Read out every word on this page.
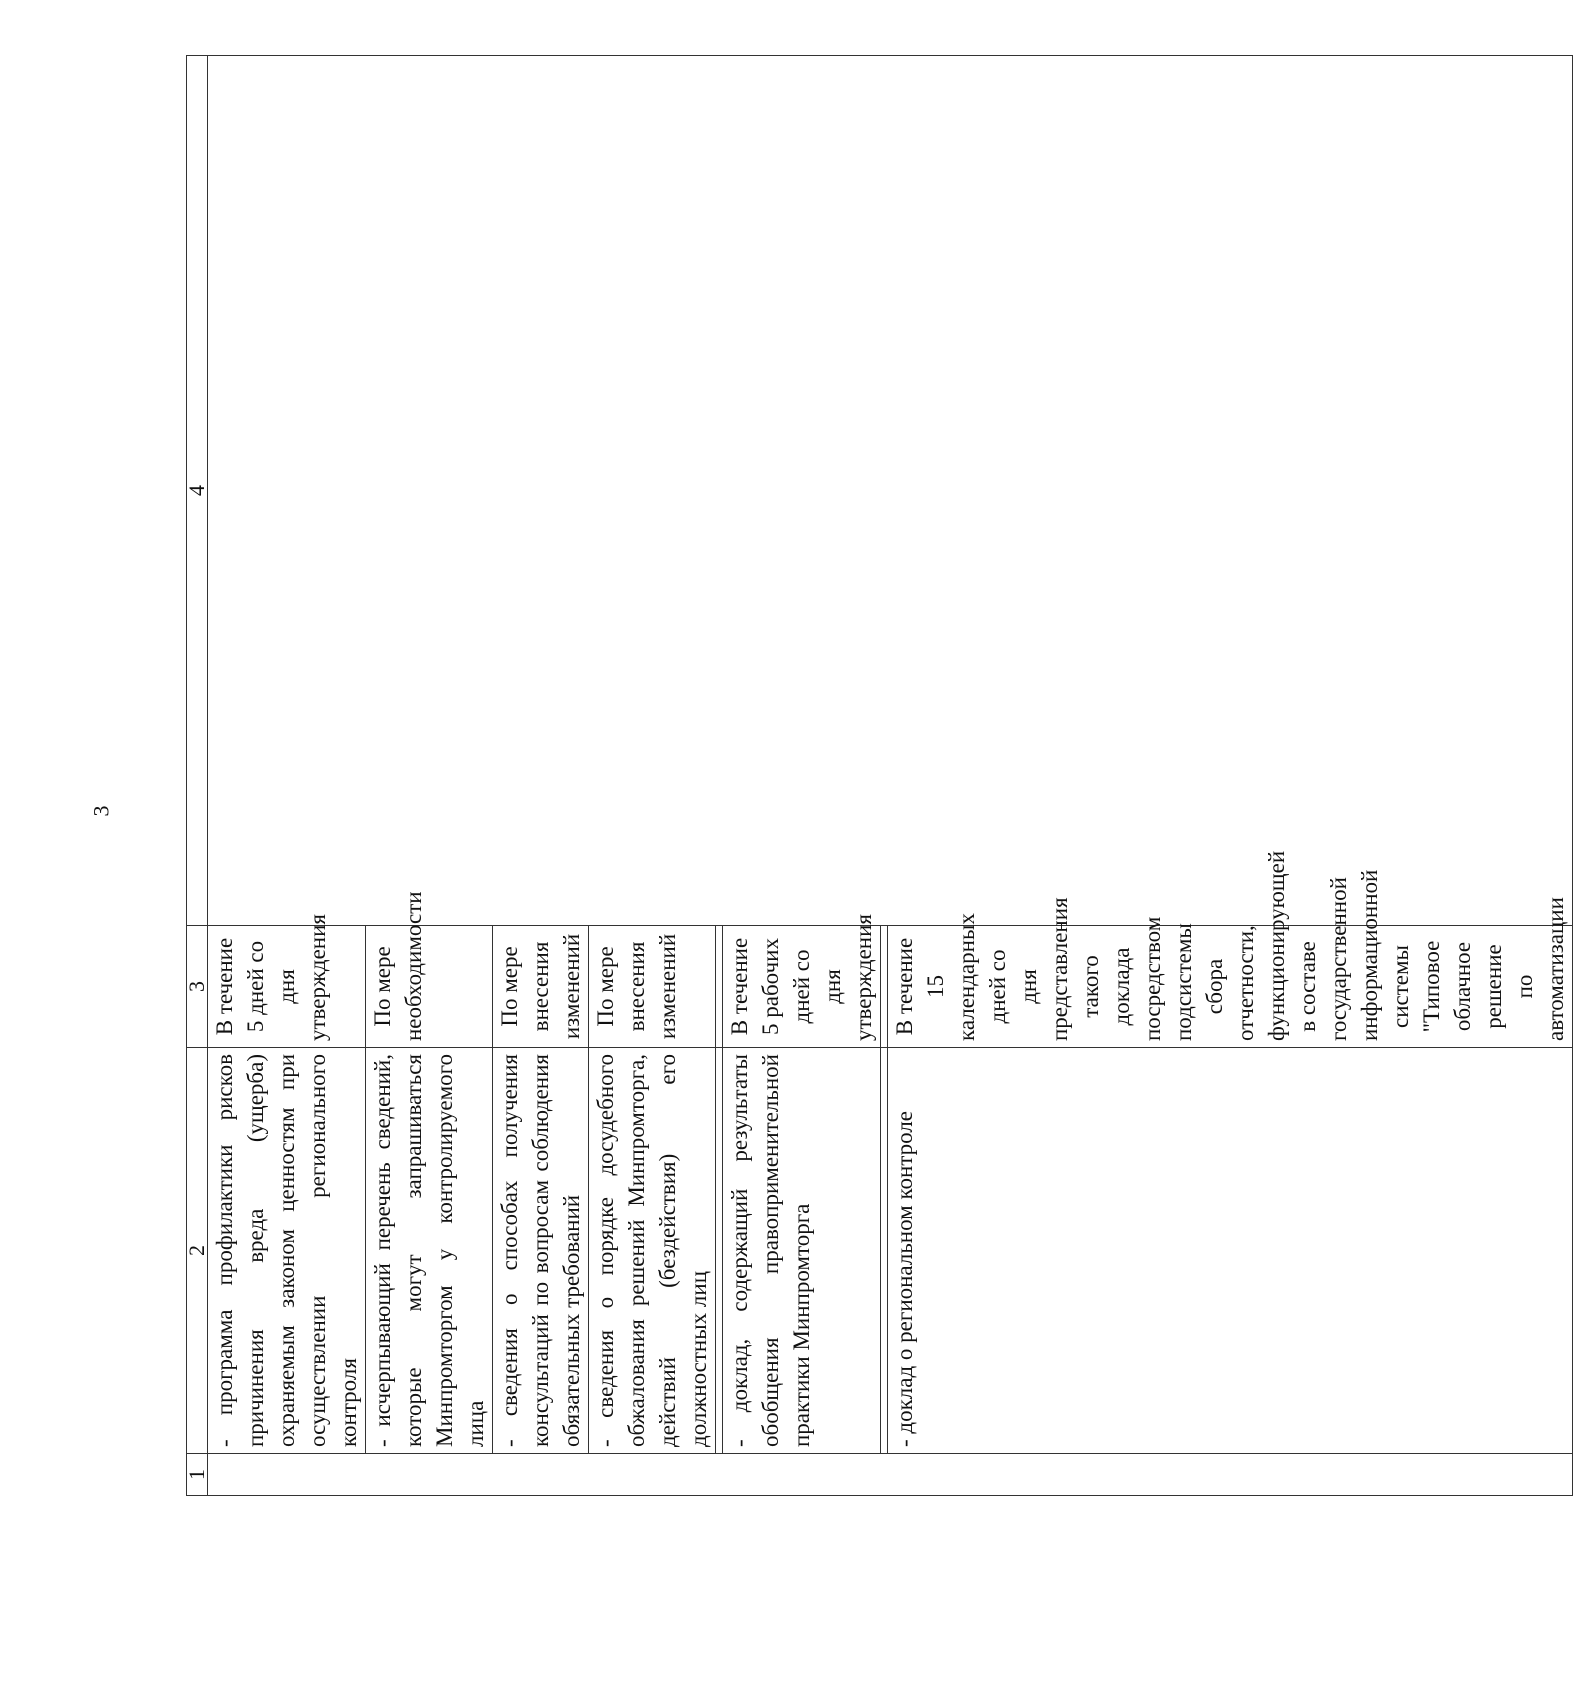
3
1	2	3	4
	- программа профилактики рисков причинения вреда (ущерба) охраняемым законом ценностям при осуществлении регионального контроля	В течение 5 дней со дня утверждения	
	- исчерпывающий перечень сведений, которые могут запрашиваться Минпромторгом у контролируемого лица	По мере необходимости	
	- сведения о способах получения консультаций по вопросам соблюдения обязательных требований	По мере внесения изменений	
	- сведения о порядке досудебного обжалования решений Минпромторга, действий (бездействия) его должностных лиц	По мере внесения изменений	

	- доклад, содержащий результаты обобщения правоприменительной практики Минпромторга	В течение 5 рабочих дней со дня утверждения	

	- доклад о региональном контроле	В течение 15 календарных дней со дня представления такого доклада посредством подсистемы сбора отчетности, функционирующей в составе государственной информационной системы "Типовое облачное решение по автоматизации	
